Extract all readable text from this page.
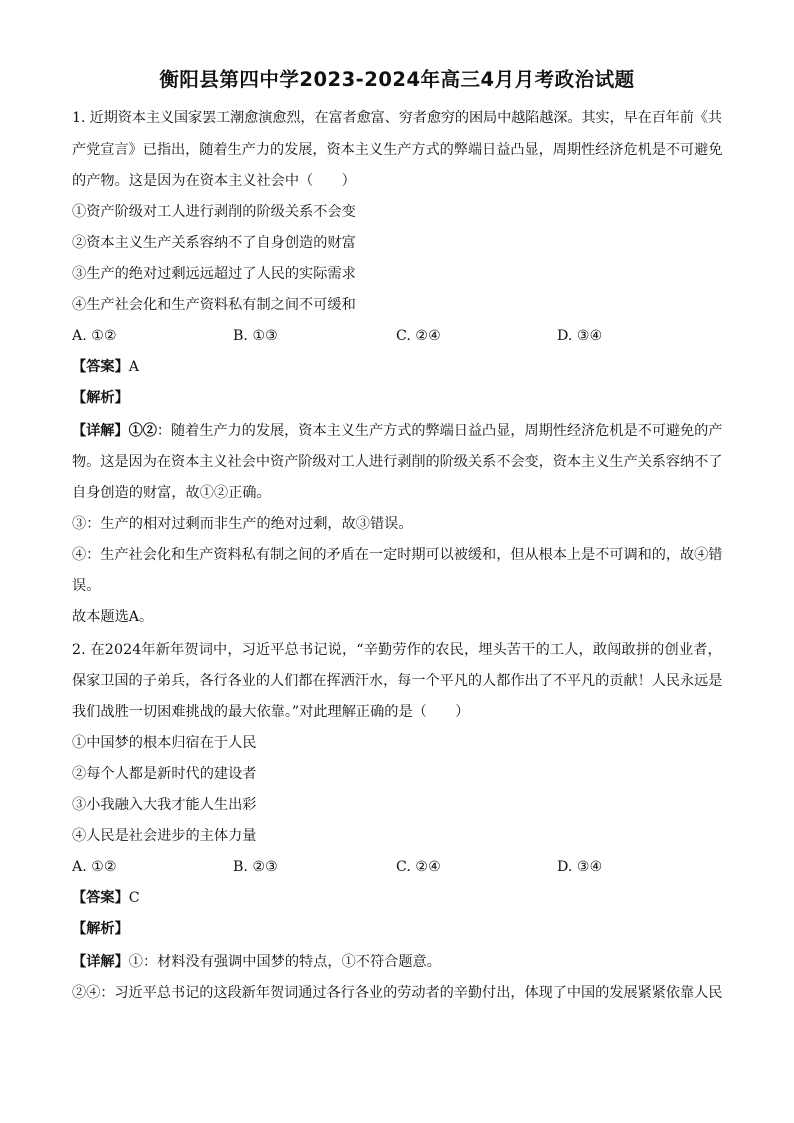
衡阳县第四中学2023-2024年高三4月月考政治试题
1. 近期资本主义国家罢工潮愈演愈烈，在富者愈富、穷者愈穷的困局中越陷越深。其实，早在百年前《共
产党宣言》已指出，随着生产力的发展，资本主义生产方式的弊端日益凸显，周期性经济危机是不可避免
的产物。这是因为在资本主义社会中（　　）
①资产阶级对工人进行剥削的阶级关系不会变
②资本主义生产关系容纳不了自身创造的财富
③生产的绝对过剩远远超过了人民的实际需求
④生产社会化和生产资料私有制之间不可缓和
A. ①②	B. ①③	C. ②④	D. ③④
【答案】A
【解析】
【详解】①②：随着生产力的发展，资本主义生产方式的弊端日益凸显，周期性经济危机是不可避免的产
物。这是因为在资本主义社会中资产阶级对工人进行剥削的阶级关系不会变，资本主义生产关系容纳不了
自身创造的财富，故①②正确。
③：生产的相对过剩而非生产的绝对过剩，故③错误。
④：生产社会化和生产资料私有制之间的矛盾在一定时期可以被缓和，但从根本上是不可调和的，故④错
误。
故本题选A。
2. 在2024年新年贺词中，习近平总书记说，“辛勤劳作的农民，埋头苦干的工人，敢闯敢拼的创业者，
保家卫国的子弟兵，各行各业的人们都在挥洒汗水，每一个平凡的人都作出了不平凡的贡献！人民永远是
我们战胜一切困难挑战的最大依靠。”对此理解正确的是（　　）
①中国梦的根本归宿在于人民
②每个人都是新时代的建设者
③小我融入大我才能人生出彩
④人民是社会进步的主体力量
A. ①②	B. ②③	C. ②④	D. ③④
【答案】C
【解析】
【详解】①：材料没有强调中国梦的特点，①不符合题意。
②④：习近平总书记的这段新年贺词通过各行各业的劳动者的辛勤付出，体现了中国的发展紧紧依靠人民
